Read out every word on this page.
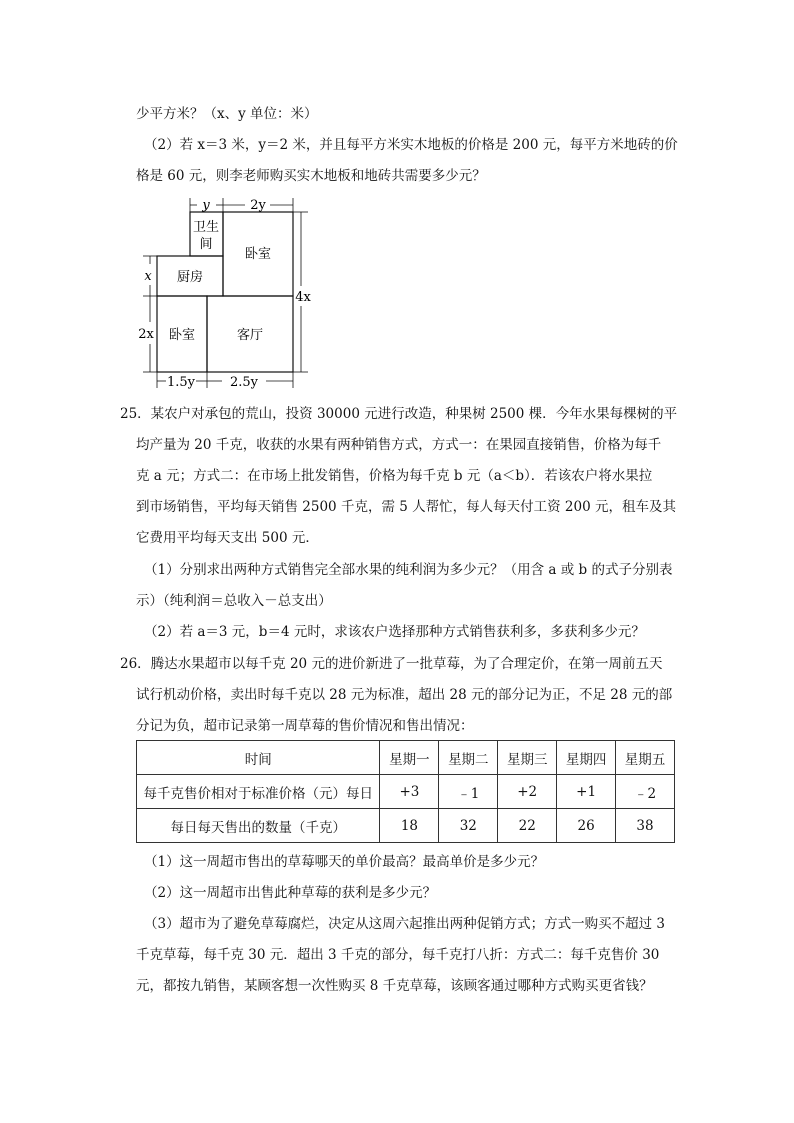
少平方米？（x、y 单位：米）
（2）若 x＝3 米，y＝2 米，并且每平方米实木地板的价格是 200 元，每平方米地砖的价
格是 60 元，则李老师购买实木地板和地砖共需要多少元？
y	2y
卫生
间
卧室
厨房
x
2x
4x
卧室	客厅
1.5y	2.5y
25．某农户对承包的荒山，投资 30000 元进行改造，种果树 2500 棵．今年水果每棵树的平
均产量为 20 千克，收获的水果有两种销售方式，方式一：在果园直接销售，价格为每千
克 a 元；方式二：在市场上批发销售，价格为每千克 b 元（a＜b）．若该农户将水果拉
到市场销售，平均每天销售 2500 千克，需 5 人帮忙，每人每天付工资 200 元，租车及其
它费用平均每天支出 500 元．
（1）分别求出两种方式销售完全部水果的纯利润为多少元？（用含 a 或 b 的式子分别表
示）（纯利润＝总收入－总支出）
（2）若 a＝3 元，b＝4 元时，求该农户选择那种方式销售获利多，多获利多少元？
26．腾达水果超市以每千克 20 元的进价新进了一批草莓，为了合理定价，在第一周前五天
试行机动价格，卖出时每千克以 28 元为标准，超出 28 元的部分记为正，不足 28 元的部
分记为负，超市记录第一周草莓的售价情况和售出情况：
时间	星期一	星期二	星期三	星期四	星期五
每千克售价相对于标准价格（元）每日	+3	﹣1	+2	+1	﹣2
每日每天售出的数量（千克）	18	32	22	26	38
（1）这一周超市售出的草莓哪天的单价最高？最高单价是多少元？
（2）这一周超市出售此种草莓的获利是多少元？
（3）超市为了避免草莓腐烂，决定从这周六起推出两种促销方式；方式一购买不超过 3
千克草莓，每千克 30 元．超出 3 千克的部分，每千克打八折：方式二：每千克售价 30
元，都按九销售，某顾客想一次性购买 8 千克草莓，该顾客通过哪种方式购买更省钱？
